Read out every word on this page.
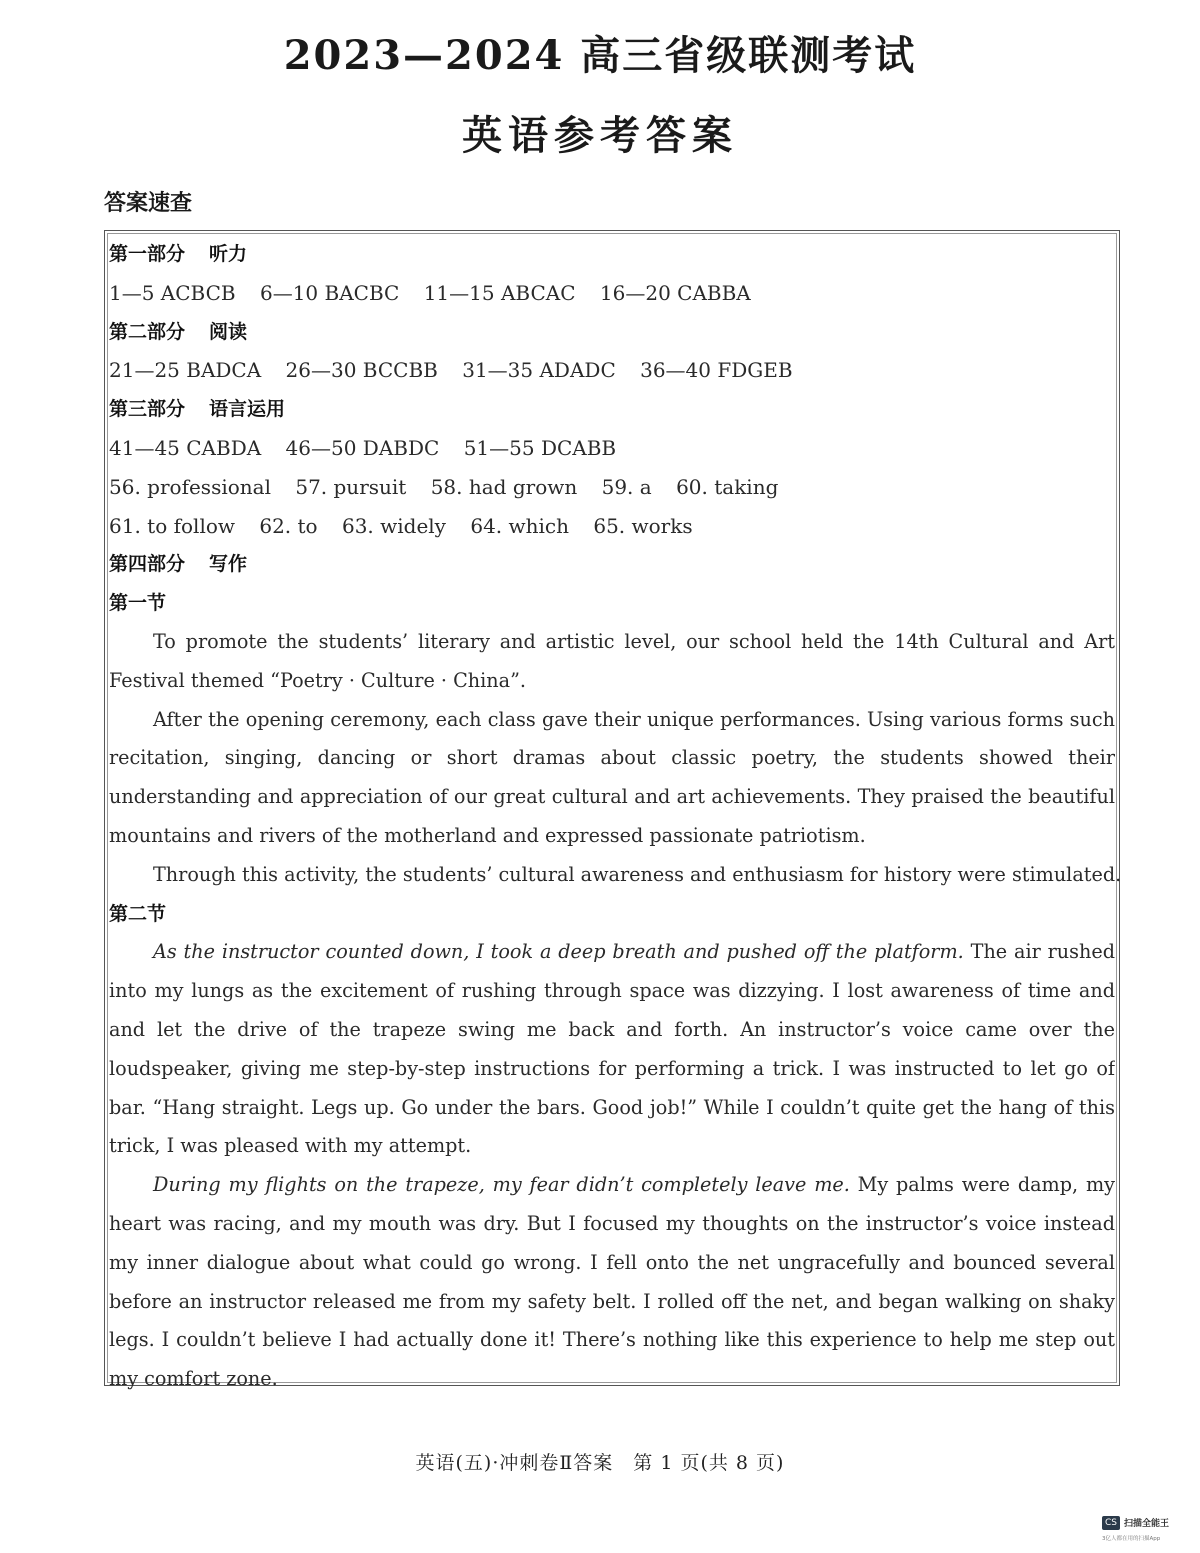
2023—2024 高三省级联测考试
英语参考答案
答案速查
第一部分 听力
1—5 ACBCB 6—10 BACBC 11—15 ABCAC 16—20 CABBA
第二部分 阅读
21—25 BADCA 26—30 BCCBB 31—35 ADADC 36—40 FDGEB
第三部分 语言运用
41—45 CABDA 46—50 DABDC 51—55 DCABB
56. professional 57. pursuit 58. had grown 59. a 60. taking
61. to follow 62. to 63. widely 64. which 65. works
第四部分 写作
第一节
To promote the students’ literary and artistic level, our school held the 14th Cultural and Art
Festival themed “Poetry · Culture · China”.
After the opening ceremony, each class gave their unique performances. Using various forms such
recitation, singing, dancing or short dramas about classic poetry, the students showed their
understanding and appreciation of our great cultural and art achievements. They praised the beautiful
mountains and rivers of the motherland and expressed passionate patriotism.
Through this activity, the students’ cultural awareness and enthusiasm for history were stimulated.
第二节
As the instructor counted down, I took a deep breath and pushed off the platform. The air rushed
into my lungs as the excitement of rushing through space was dizzying. I lost awareness of time and
and let the drive of the trapeze swing me back and forth. An instructor’s voice came over the
loudspeaker, giving me step-by-step instructions for performing a trick. I was instructed to let go of
bar. “Hang straight. Legs up. Go under the bars. Good job!” While I couldn’t quite get the hang of this
trick, I was pleased with my attempt.
During my flights on the trapeze, my fear didn’t completely leave me. My palms were damp, my
heart was racing, and my mouth was dry. But I focused my thoughts on the instructor’s voice instead
my inner dialogue about what could go wrong. I fell onto the net ungracefully and bounced several
before an instructor released me from my safety belt. I rolled off the net, and began walking on shaky
legs. I couldn’t believe I had actually done it! There’s nothing like this experience to help me step out
my comfort zone.
英语(五)·冲刺卷Ⅱ答案　第 1 页(共 8 页)
CS 扫描全能王
3亿人都在用的扫描App
